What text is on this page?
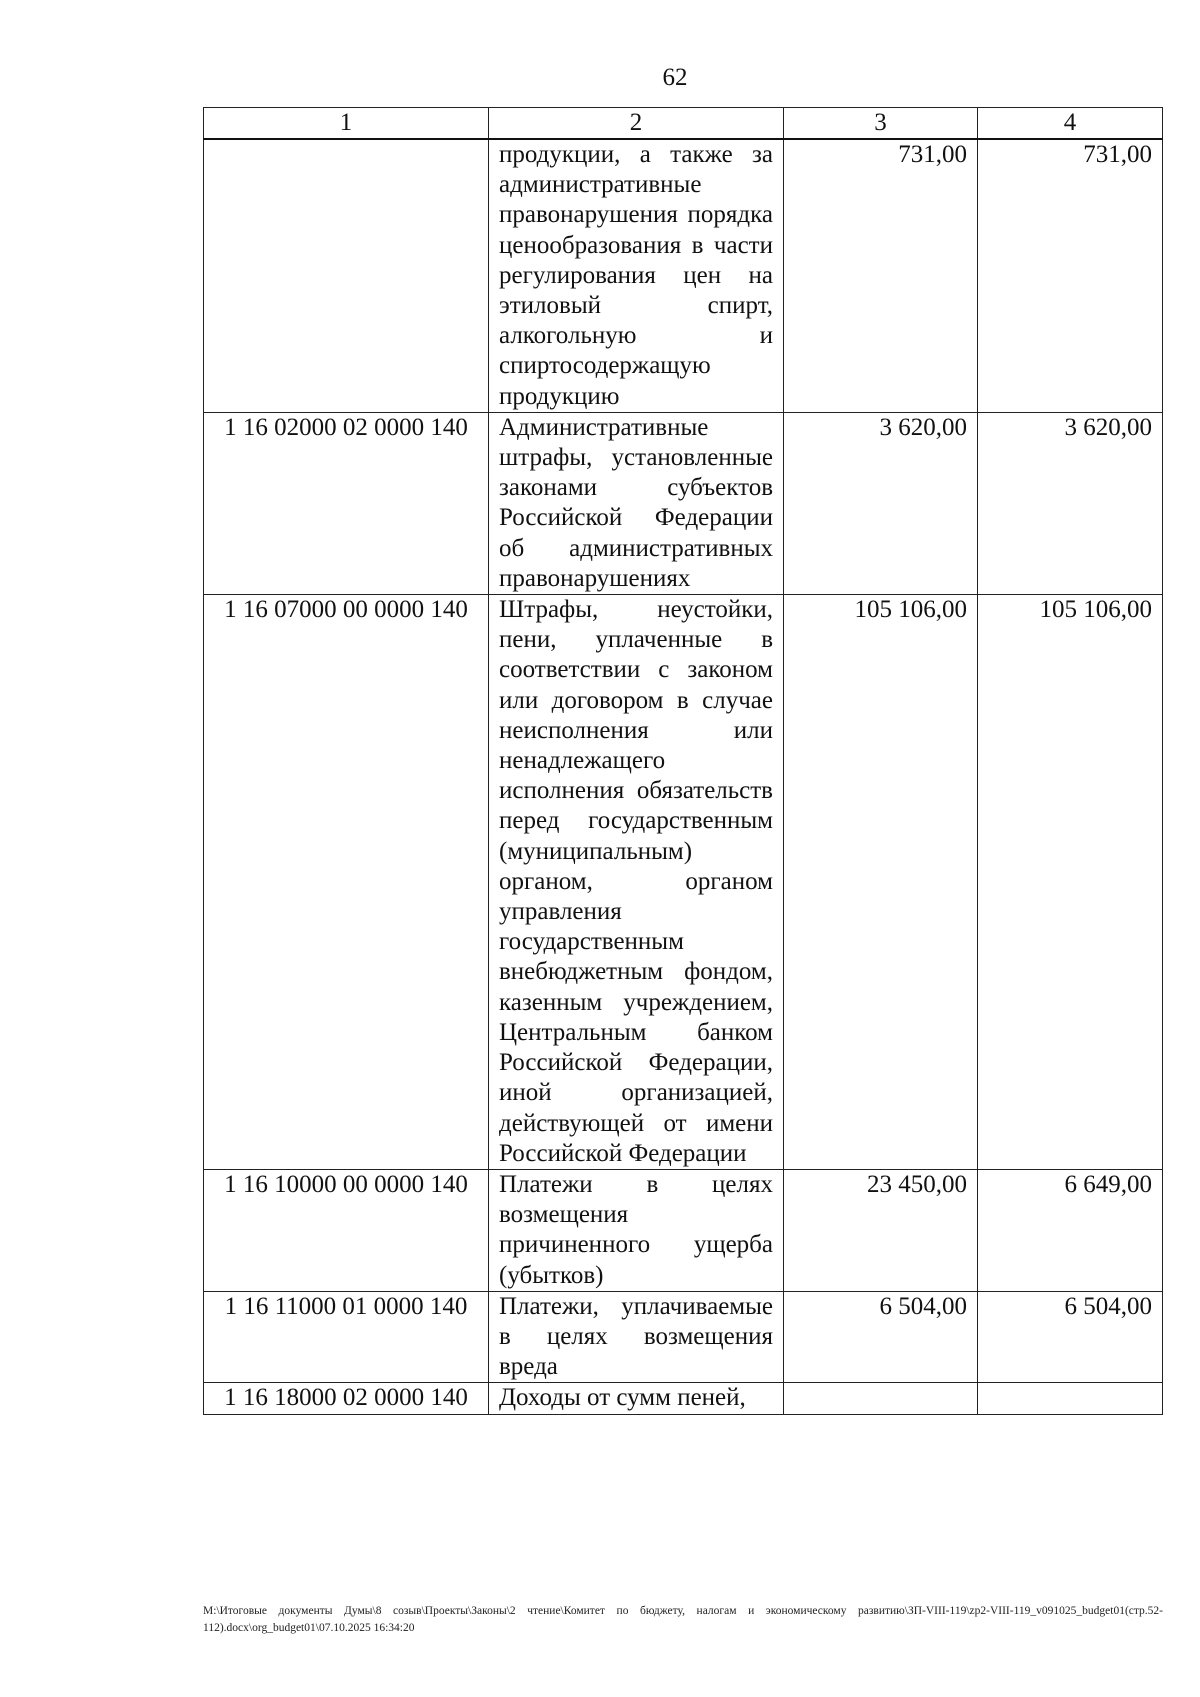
62
1	2	3	4
	продукции, а также за административные правонарушения порядка ценообразования в части регулирования цен на этиловый спирт, алкогольную и спиртосодержащую продукцию	731,00	731,00
1 16 02000 02 0000 140	Административные штрафы, установленные законами субъектов Российской Федерации об административных правонарушениях	3 620,00	3 620,00
1 16 07000 00 0000 140	Штрафы, неустойки, пени, уплаченные в соответствии с законом или договором в случае неисполнения или ненадлежащего исполнения обязательств перед государственным (муниципальным) органом, органом управления государственным внебюджетным фондом, казенным учреждением, Центральным банком Российской Федерации, иной организацией, действующей от имени Российской Федерации	105 106,00	105 106,00
1 16 10000 00 0000 140	Платежи в целях возмещения причиненного ущерба (убытков)	23 450,00	6 649,00
1 16 11000 01 0000 140	Платежи, уплачиваемые в целях возмещения вреда	6 504,00	6 504,00
1 16 18000 02 0000 140	Доходы от сумм пеней,		
M:\Итоговые документы Думы\8 созыв\Проекты\Законы\2 чтение\Комитет по бюджету, налогам и экономическому развитию\ЗП-VIII-119\zp2-VIII-119_v091025_budget01(стр.52-112).docx\org_budget01\07.10.2025 16:34:20
